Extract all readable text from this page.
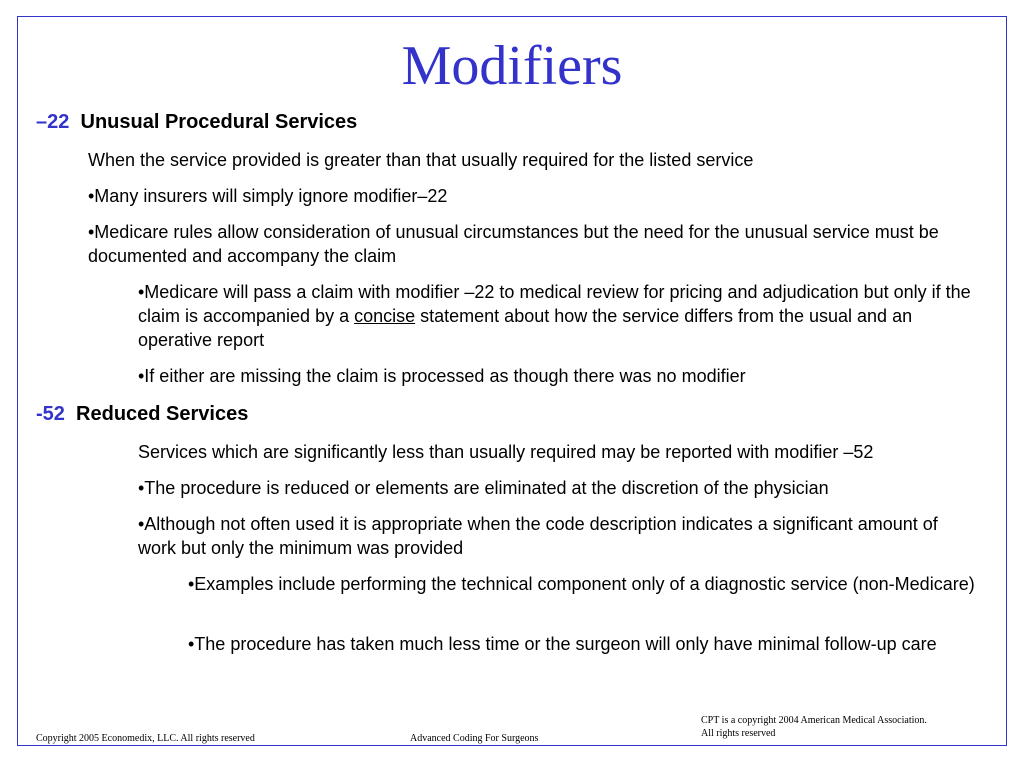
Modifiers
–22 Unusual Procedural Services
When the service provided is greater than that usually required for the listed service
•Many insurers will simply ignore modifier–22
•Medicare rules allow consideration of unusual circumstances but the need for the unusual service must be documented and accompany the claim
•Medicare will pass a claim with modifier –22 to medical review for pricing and adjudication but only if the claim is accompanied by a concise statement about how the service differs from the usual and an operative report
•If either are missing the claim is processed as though there was no modifier
-52 Reduced Services
Services which are significantly less than usually required may be reported with modifier –52
•The procedure is reduced or elements are eliminated at the discretion of the physician
•Although not often used it is appropriate when the code description indicates a significant amount of work but only the minimum was provided
•Examples include performing the technical component only of a diagnostic service (non-Medicare)
•The procedure has taken much less time or the surgeon will only have minimal follow-up care
Copyright 2005 Economedix, LLC. All rights reserved	Advanced Coding For Surgeons
CPT is a copyright 2004 American Medical Association.
All rights reserved
